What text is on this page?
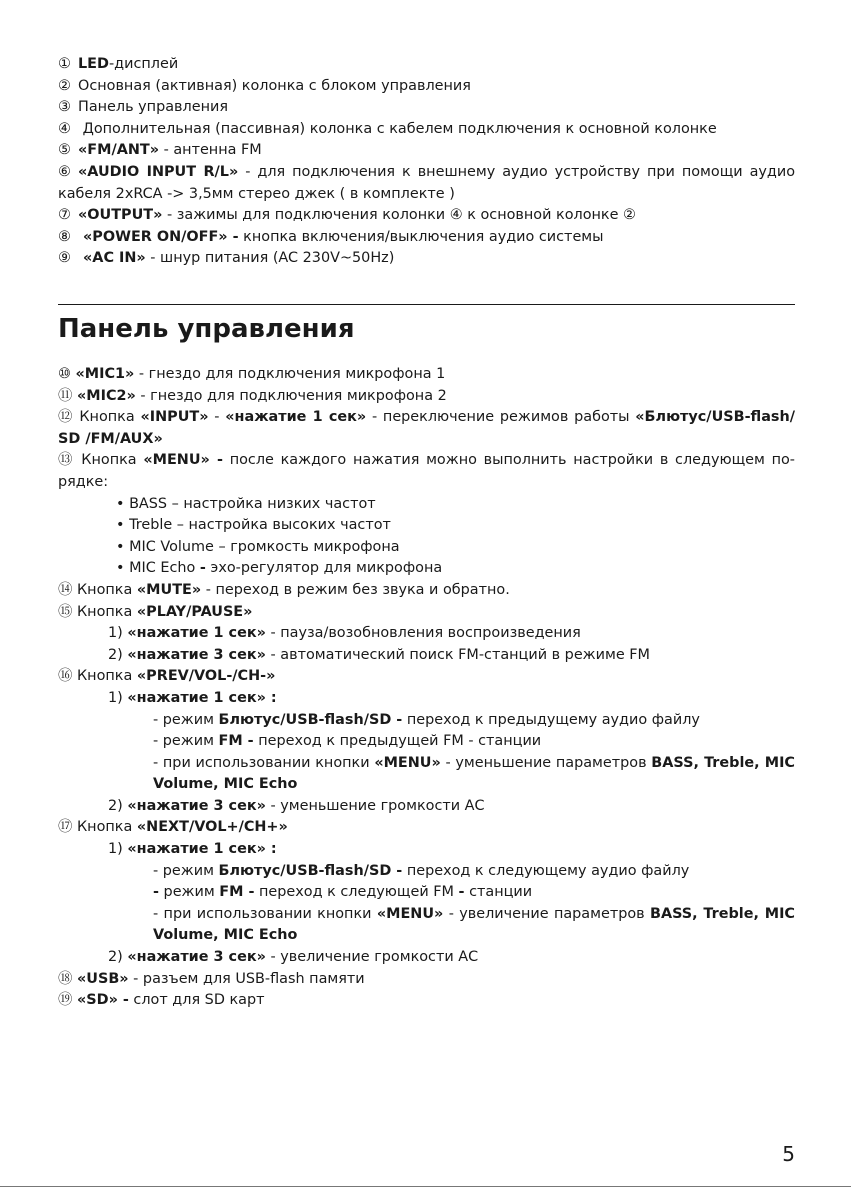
① LED-дисплей
② Основная (активная) колонка с блоком управления
③ Панель управления
④ Дополнительная (пассивная) колонка с кабелем подключения к основной колонке
⑤ «FM/ANT» - антенна FM
⑥ «AUDIO INPUT R/L» - для подключения к внешнему аудио устройству при помощи аудио кабеля 2xRCA -> 3,5мм стерео джек ( в комплекте )
⑦ «OUTPUT» - зажимы для подключения колонки ④ к основной колонке ②
⑧ «POWER ON/OFF» - кнопка включения/выключения аудио системы
⑨ «AC IN» - шнур питания (AC 230V~50Hz)
Панель управления
⑩ «MIC1» - гнездо для подключения микрофона 1
⑪ «MIC2» - гнездо для подключения микрофона 2
⑫ Кнопка «INPUT» - «нажатие 1 сек» - переключение режимов работы «Блютус/USB-flash/ SD /FM/AUX»
⑬ Кнопка «MENU» - после каждого нажатия можно выполнить настройки в следующем по-рядке:
• BASS – настройка низких частот
• Treble – настройка высоких частот
• MIC Volume – громкость микрофона
• MIC Echo - эхо-регулятор для микрофона
⑭ Кнопка «MUTE» - переход в режим без звука и обратно.
⑮ Кнопка «PLAY/PAUSE»
1) «нажатие 1 сек» - пауза/возобновления воспроизведения
2) «нажатие 3 сек» - автоматический поиск FM-станций в режиме FM
⑯ Кнопка «PREV/VOL-/CH-»
1) «нажатие 1 сек» :
- режим Блютус/USB-flash/SD - переход к предыдущему аудио файлу
- режим FM - переход к предыдущей FM - станции
- при использовании кнопки «MENU» - уменьшение параметров BASS, Treble, MIC Volume, MIC Echo
2) «нажатие 3 сек» - уменьшение громкости АС
⑰ Кнопка «NEXT/VOL+/CH+»
1) «нажатие 1 сек» :
- режим Блютус/USB-flash/SD - переход к следующему аудио файлу
- режим FM - переход к следующей FM - станции
- при использовании кнопки «MENU» - увеличение параметров BASS, Treble, MIC Volume, MIC Echo
2) «нажатие 3 сек» - увеличение громкости АС
⑱ «USB» - разъем для USB-flash памяти
⑲ «SD» - слот для SD карт
5
